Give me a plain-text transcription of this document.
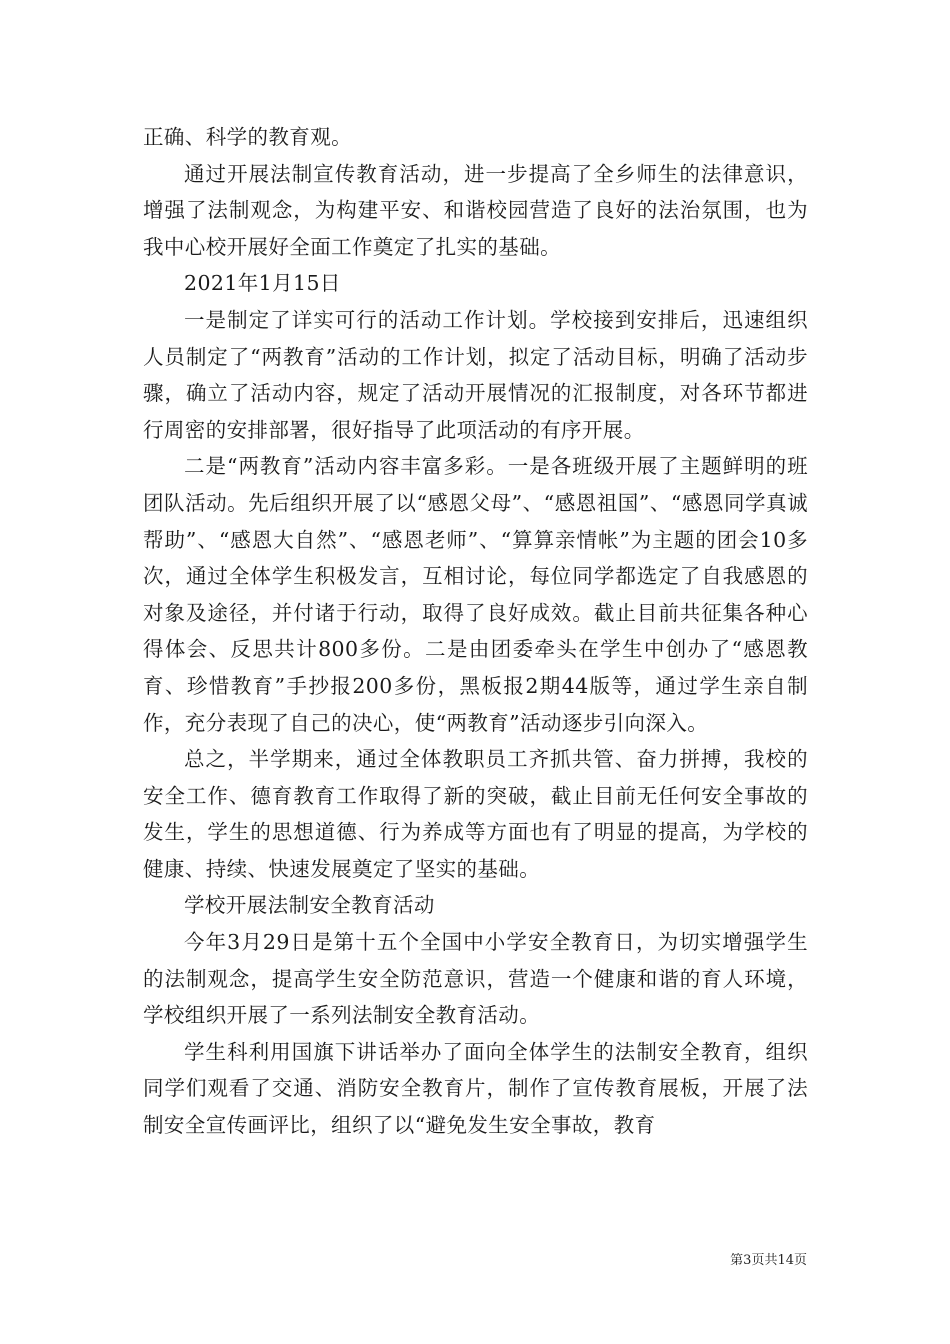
正确、科学的教育观。

通过开展法制宣传教育活动，进一步提高了全乡师生的法律意识，增强了法制观念，为构建平安、和谐校园营造了良好的法治氛围，也为我中心校开展好全面工作奠定了扎实的基础。

2021年1月15日

一是制定了详实可行的活动工作计划。学校接到安排后，迅速组织人员制定了“两教育”活动的工作计划，拟定了活动目标，明确了活动步骤，确立了活动内容，规定了活动开展情况的汇报制度，对各环节都进行周密的安排部署，很好指导了此项活动的有序开展。

二是“两教育”活动内容丰富多彩。一是各班级开展了主题鲜明的班团队活动。先后组织开展了以“感恩父母”、“感恩祖国”、“感恩同学真诚帮助”、“感恩大自然”、“感恩老师”、“算算亲情帐”为主题的团会10多次，通过全体学生积极发言，互相讨论，每位同学都选定了自我感恩的对象及途径，并付诸于行动，取得了良好成效。截止目前共征集各种心得体会、反思共计800多份。二是由团委牵头在学生中创办了“感恩教育、珍惜教育”手抄报200多份，黑板报2期44版等，通过学生亲自制作，充分表现了自己的决心，使“两教育”活动逐步引向深入。

总之，半学期来，通过全体教职员工齐抓共管、奋力拼搏，我校的安全工作、德育教育工作取得了新的突破，截止目前无任何安全事故的发生，学生的思想道德、行为养成等方面也有了明显的提高，为学校的健康、持续、快速发展奠定了坚实的基础。

学校开展法制安全教育活动

今年3月29日是第十五个全国中小学安全教育日，为切实增强学生的法制观念，提高学生安全防范意识，营造一个健康和谐的育人环境，学校组织开展了一系列法制安全教育活动。

学生科利用国旗下讲话举办了面向全体学生的法制安全教育，组织同学们观看了交通、消防安全教育片，制作了宣传教育展板，开展了法制安全宣传画评比，组织了以“避免发生安全事故，教育

第3页共14页
